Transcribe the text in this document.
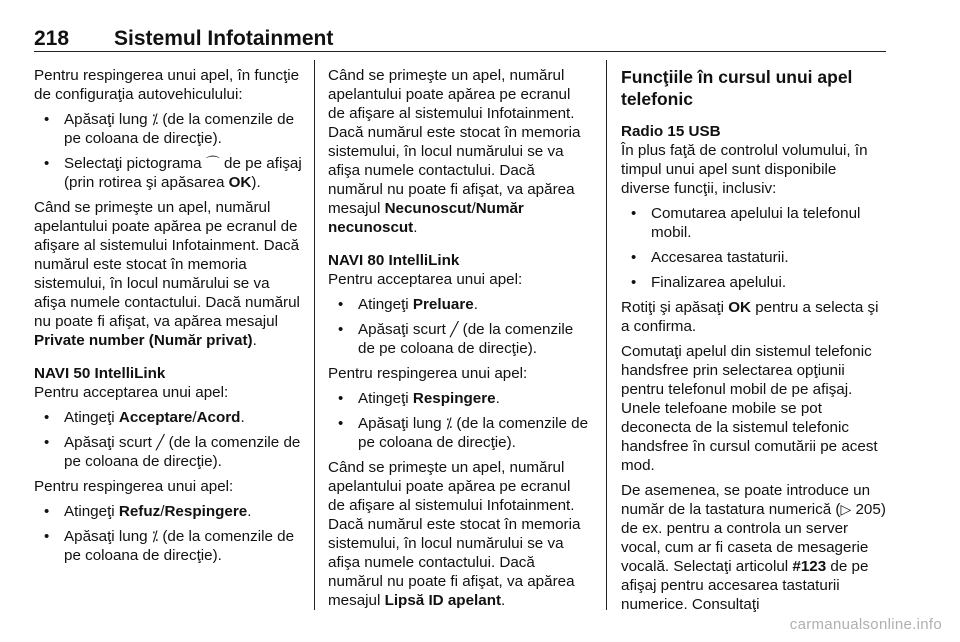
218 Sistemul Infotainment

Pentru respingerea unui apel, în funcţie de configuraţia autovehiculului:

• Apăsaţi lung ⁒ (de la comenzile de pe coloana de direcţie).
• Selectaţi pictograma ⌒ de pe afişaj (prin rotirea şi apăsarea OK).

Când se primeşte un apel, numărul apelantului poate apărea pe ecranul de afişare al sistemului Infotainment. Dacă numărul este stocat în memoria sistemului, în locul numărului se va afişa numele contactului. Dacă numărul nu poate fi afişat, va apărea mesajul Private number (Număr privat).

NAVI 50 IntelliLink

Pentru acceptarea unui apel:

• Atingeţi Acceptare/Acord.
• Apăsaţi scurt ╱ (de la comenzile de pe coloana de direcţie).

Pentru respingerea unui apel:

• Atingeţi Refuz/Respingere.
• Apăsaţi lung ⁒ (de la comenzile de pe coloana de direcţie).

Când se primeşte un apel, numărul apelantului poate apărea pe ecranul de afişare al sistemului Infotainment. Dacă numărul este stocat în memoria sistemului, în locul numărului se va afişa numele contactului. Dacă numărul nu poate fi afişat, va apărea mesajul Necunoscut/Număr necunoscut.

NAVI 80 IntelliLink

Pentru acceptarea unui apel:

• Atingeţi Preluare.
• Apăsaţi scurt ╱ (de la comenzile de pe coloana de direcţie).

Pentru respingerea unui apel:

• Atingeţi Respingere.
• Apăsaţi lung ⁒ (de la comenzile de pe coloana de direcţie).

Când se primeşte un apel, numărul apelantului poate apărea pe ecranul de afişare al sistemului Infotainment. Dacă numărul este stocat în memoria sistemului, în locul numărului se va afişa numele contactului. Dacă numărul nu poate fi afişat, va apărea mesajul Lipsă ID apelant.

Funcţiile în cursul unui apel telefonic

Radio 15 USB

În plus faţă de controlul volumului, în timpul unui apel sunt disponibile diverse funcţii, inclusiv:

• Comutarea apelului la telefonul mobil.
• Accesarea tastaturii.
• Finalizarea apelului.

Rotiţi şi apăsaţi OK pentru a selecta şi a confirma.

Comutaţi apelul din sistemul telefonic handsfree prin selectarea opţiunii pentru telefonul mobil de pe afişaj. Unele telefoane mobile se pot deconecta de la sistemul telefonic handsfree în cursul comutării pe acest mod.

De asemenea, se poate introduce un număr de la tastatura numerică (▷ 205) de ex. pentru a controla un server vocal, cum ar fi caseta de mesagerie vocală. Selectaţi articolul #123 de pe afişaj pentru accesarea tastaturii numerice. Consultaţi

carmanualsonline.info
